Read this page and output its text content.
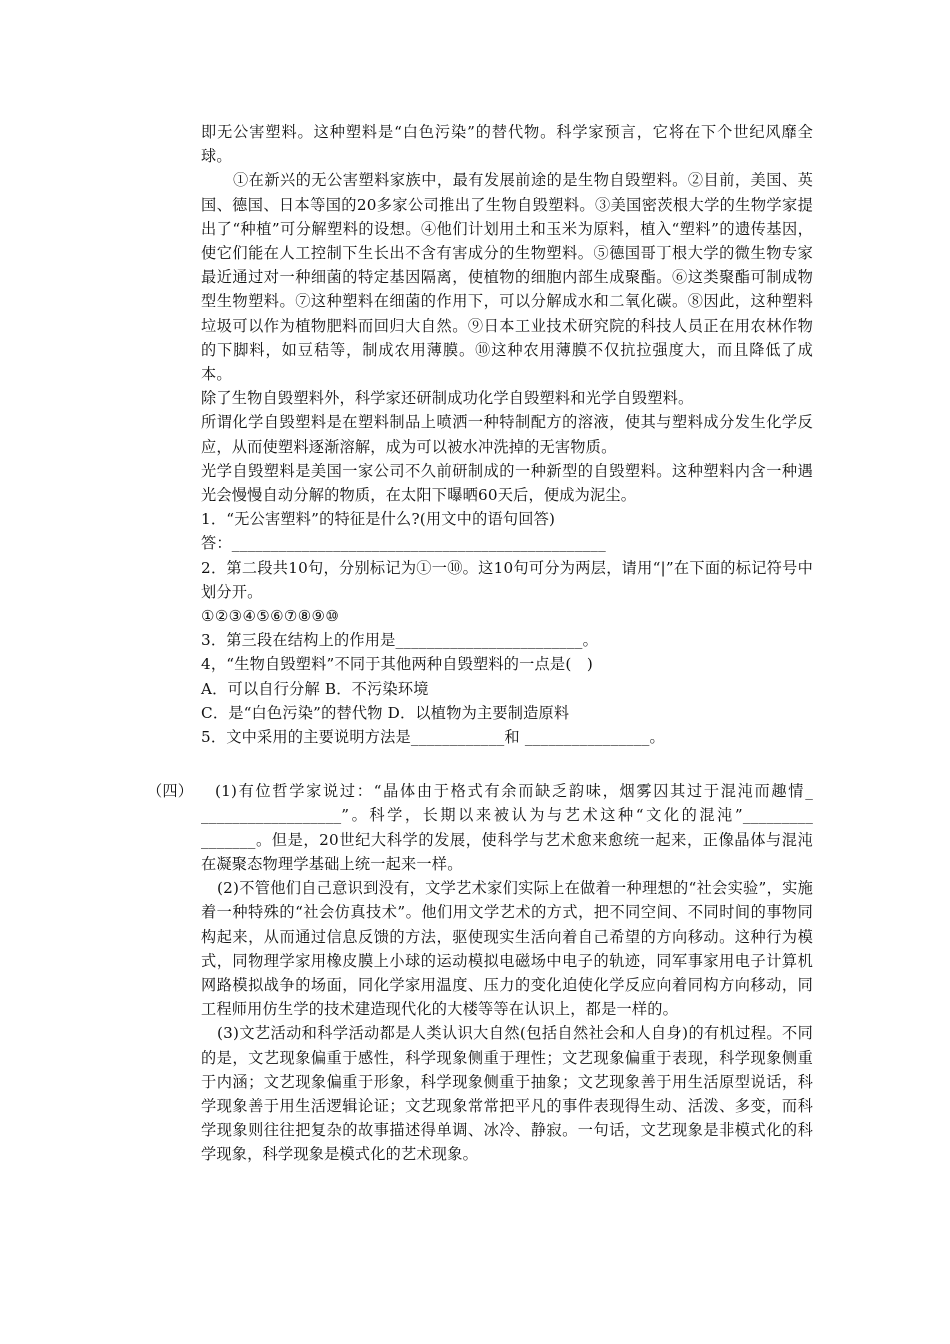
即无公害塑料。这种塑料是“白色污染”的替代物。科学家预言，它将在下个世纪风靡全球。

①在新兴的无公害塑料家族中，最有发展前途的是生物自毁塑料。②目前，美国、英国、德国、日本等国的20多家公司推出了生物自毁塑料。③美国密茨根大学的生物学家提出了“种植”可分解塑料的设想。④他们计划用土和玉米为原料，植入“塑料”的遗传基因，使它们能在人工控制下生长出不含有害成分的生物塑料。⑤德国哥丁根大学的微生物专家最近通过对一种细菌的特定基因隔离，使植物的细胞内部生成聚酯。⑥这类聚酯可制成物型生物塑料。⑦这种塑料在细菌的作用下，可以分解成水和二氧化碳。⑧因此，这种塑料垃圾可以作为植物肥料而回归大自然。⑨日本工业技术研究院的科技人员正在用农林作物的下脚料，如豆秸等，制成农用薄膜。⑩这种农用薄膜不仅抗拉强度大，而且降低了成本。

除了生物自毁塑料外，科学家还研制成功化学自毁塑料和光学自毁塑料。

所谓化学自毁塑料是在塑料制品上喷洒一种特制配方的溶液，使其与塑料成分发生化学反应，从而使塑料逐渐溶解，成为可以被水冲洗掉的无害物质。

光学自毁塑料是美国一家公司不久前研制成的一种新型的自毁塑料。这种塑料内含一种遇光会慢慢自动分解的物质，在太阳下曝晒60天后，便成为泥尘。

1．“无公害塑料”的特征是什么?(用文中的语句回答)

答：________________________________________________

2．第二段共10句，分别标记为①一⑩。这10句可分为两层，请用“|”在下面的标记符号中划分开。

①②③④⑤⑥⑦⑧⑨⑩

3．第三段在结构上的作用是________________________。

4，“生物自毁塑料”不同于其他两种自毁塑料的一点是(　)

A．可以自行分解 B．不污染环境

C．是“白色污染”的替代物 D．以植物为主要制造原料

5．文中采用的主要说明方法是____________和 ________________。

（四）	(1)有位哲学家说过：“晶体由于格式有余而缺乏韵味，烟雾囚其过于混沌而趣情_ __________________”。科学，长期以来被认为与艺术这种“文化的混沌”_________ _______。但是，20世纪大科学的发展，使科学与艺术愈来愈统一起来，正像晶体与混沌在凝聚态物理学基础上统一起来一样。

(2)不管他们自己意识到没有，文学艺术家们实际上在做着一种理想的“社会实验”，实施着一种特殊的“社会仿真技术”。他们用文学艺术的方式，把不同空间、不同时间的事物同构起来，从而通过信息反馈的方法，驱使现实生活向着自己希望的方向移动。这种行为模式，同物理学家用橡皮膜上小球的运动模拟电磁场中电子的轨迹，同军事家用电子计算机网路模拟战争的场面，同化学家用温度、压力的变化迫使化学反应向着同构方向移动，同工程师用仿生学的技术建造现代化的大楼等等在认识上，都是一样的。

(3)文艺活动和科学活动都是人类认识大自然(包括自然社会和人自身)的有机过程。不同的是，文艺现象偏重于感性，科学现象侧重于理性；文艺现象偏重于表现，科学现象侧重于内涵；文艺现象偏重于形象，科学现象侧重于抽象；文艺现象善于用生活原型说话，科学现象善于用生活逻辑论证；文艺现象常常把平凡的事件表现得生动、活泼、多变，而科学现象则往往把复杂的故事描述得单调、冰冷、静寂。一句话，文艺现象是非模式化的科学现象，科学现象是模式化的艺术现象。
